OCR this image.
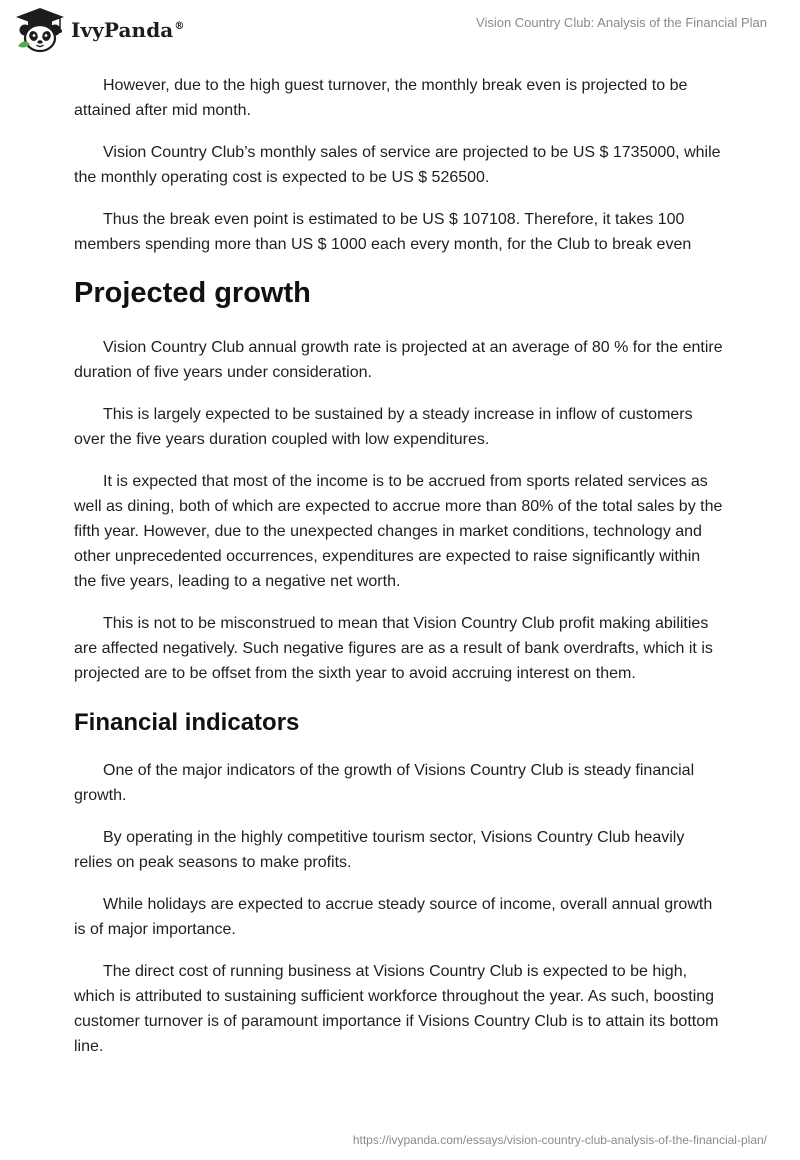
IvyPanda®	Vision Country Club: Analysis of the Financial Plan

However, due to the high guest turnover, the monthly break even is projected to be attained after mid month.

Vision Country Club’s monthly sales of service are projected to be US $ 1735000, while the monthly operating cost is expected to be US $ 526500.

Thus the break even point is estimated to be US $ 107108. Therefore, it takes 100 members spending more than US $ 1000 each every month, for the Club to break even

Projected growth

Vision Country Club annual growth rate is projected at an average of 80 % for the entire duration of five years under consideration.

This is largely expected to be sustained by a steady increase in inflow of customers over the five years duration coupled with low expenditures.

It is expected that most of the income is to be accrued from sports related services as well as dining, both of which are expected to accrue more than 80% of the total sales by the fifth year. However, due to the unexpected changes in market conditions, technology and other unprecedented occurrences, expenditures are expected to raise significantly within the five years, leading to a negative net worth.

This is not to be misconstrued to mean that Vision Country Club profit making abilities are affected negatively. Such negative figures are as a result of bank overdrafts, which it is projected are to be offset from the sixth year to avoid accruing interest on them.

Financial indicators

One of the major indicators of the growth of Visions Country Club is steady financial growth.

By operating in the highly competitive tourism sector, Visions Country Club heavily relies on peak seasons to make profits.

While holidays are expected to accrue steady source of income, overall annual growth is of major importance.

The direct cost of running business at Visions Country Club is expected to be high, which is attributed to sustaining sufficient workforce throughout the year. As such, boosting customer turnover is of paramount importance if Visions Country Club is to attain its bottom line.

https://ivypanda.com/essays/vision-country-club-analysis-of-the-financial-plan/
